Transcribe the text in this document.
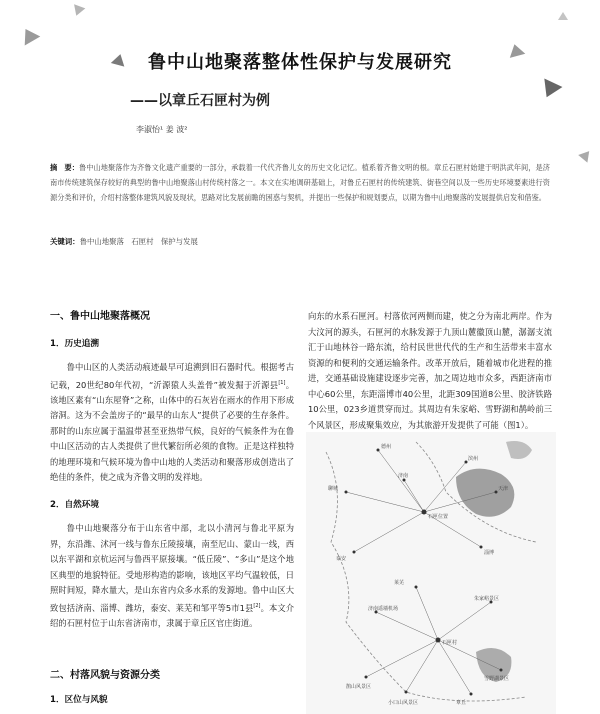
鲁中山地聚落整体性保护与发展研究
——以章丘石匣村为例
李淑怡¹ 姜 波²
摘　要：鲁中山地聚落作为齐鲁文化遗产重要的一部分，承载着一代代齐鲁儿女的历史文化记忆。植系着齐鲁文明的根。章丘石匣村始建于明洪武年间，是济南市传统建筑保存较好的典型的鲁中山地聚落山村传统村落之一。本文在实地调研基础上，对鲁丘石匣村的传统建筑、街巷空间以及一些历史环境要素进行资源分类和评价，介绍村落整体建筑风貌及现状，思路对比发展前瞻的困惑与契机，并提出一些保护和规划要点，以期为鲁中山地聚落的发展提供启发和借鉴。
关键词：鲁中山地聚落　石匣村　保护与发展
一、鲁中山地聚落概况
1．历史追溯

鲁中山区的人类活动痕迹最早可追溯到旧石器时代。根据考古记载，20世纪80年代初，“沂源猿人头盖骨”被发掘于沂源县[1]。该地区素有“山东屋脊”之称，山体中的石灰岩在雨水的作用下形成溶洞。这为不会盖房子的“最早的山东人”提供了必要的生存条件。那时的山东应属于温温带甚至亚热带气候，良好的气候条件为在鲁中山区活动的古人类提供了世代繁衍所必须的食物。正是这样独特的地理环境和气候环境为鲁中山地的人类活动和聚落形成创造出了绝佳的条件，使之成为齐鲁文明的发祥地。

2．自然环境

鲁中山地聚落分布于山东省中部，北以小清河与鲁北平原为界，东沿潍、沭河一线与鲁东丘陵接壤，南至尼山、蒙山一线，西以东平湖和京杭运河与鲁西平原接壤。“低丘陵”、“多山”是这个地区典型的地貌特征。受地形构造的影响，该地区平均气温较低，日照时间短，降水量大，是山东省内众多水系的发源地。鲁中山区大致包括济南、淄博、潍坊，泰安、莱芜和邹平等5市1县[2]。本文介绍的石匣村位于山东省济南市，隶属于章丘区官庄街道。

二、村落风貌与资源分类
1．区位与风貌

向东的水系石匣河。村落依河两侧而建，使之分为南北两岸。作为大汶河的源头，石匣河的水脉发源于九顶山麓徽顶山麓，潺潺支流汇于山地林谷一路东流，给村民世世代代的生产和生活带来丰富水资源的和便利的交通运输条件。改革开放后，随着城市化进程的推进，交通基础设施建设逐步完善，加之周边地市众多，西距济南市中心60公里，东距淄博市40公里，北距309国道8公里、胶济铁路10公里，023乡道贯穿而过。其周边有朱家峪、雪野湖和鹊岭前三个风景区，形成聚集效应，为其旅游开发提供了可能（图1）。

德州
聊城
泰安
淄博
滨州
济南
石匣位置
天津
朱家峪景区
济南遥墙机场
石匣村
雪野湖景区
莱芜
鹊山风景区
小口山风景区	章丘
